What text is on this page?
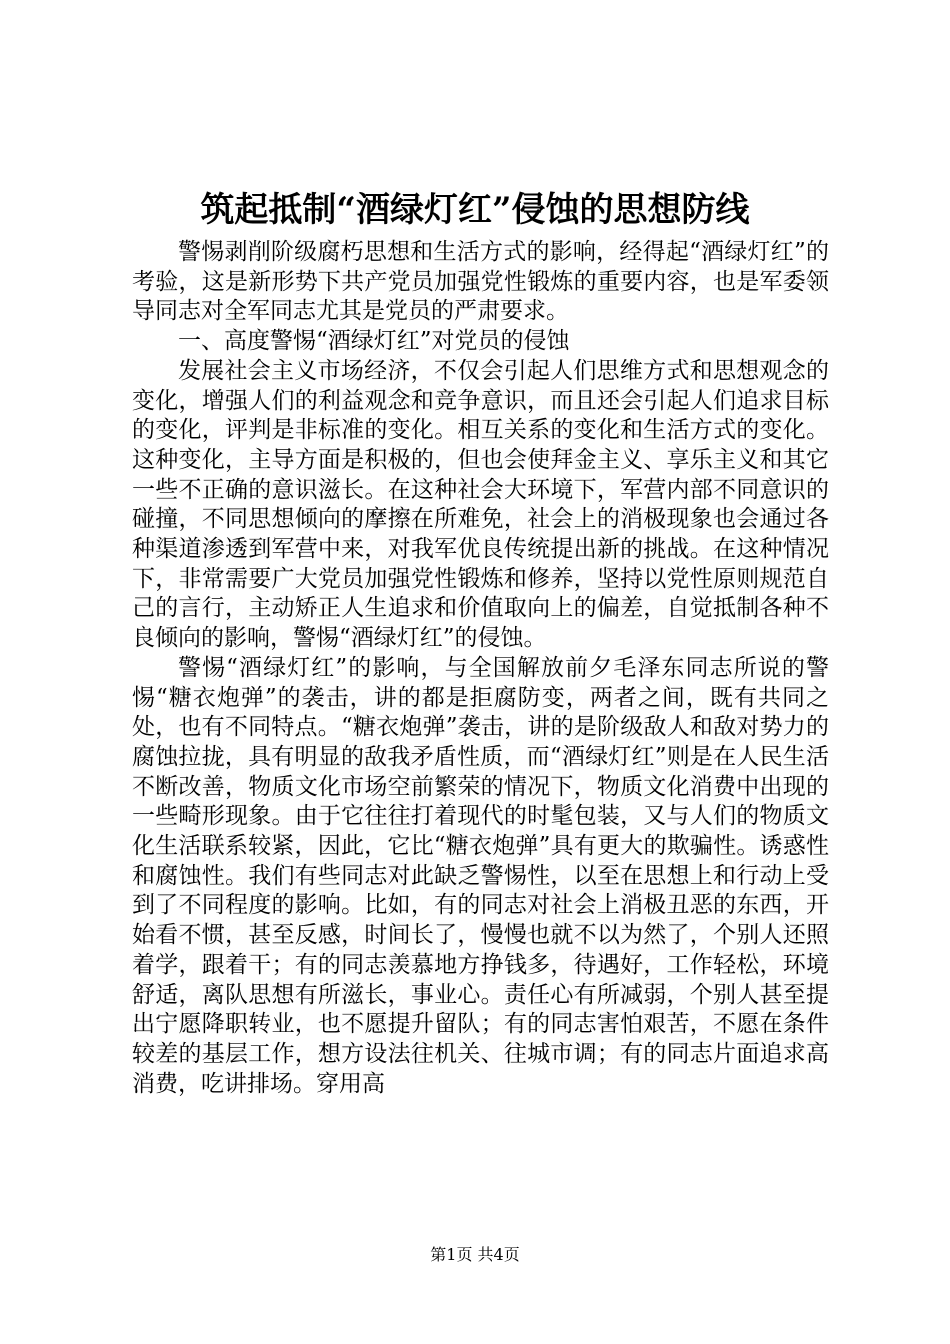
筑起抵制“酒绿灯红”侵蚀的思想防线

警惕剥削阶级腐朽思想和生活方式的影响，经得起“酒绿灯红”的考验，这是新形势下共产党员加强党性锻炼的重要内容，也是军委领导同志对全军同志尤其是党员的严肃要求。

一、高度警惕“酒绿灯红”对党员的侵蚀

发展社会主义市场经济，不仅会引起人们思维方式和思想观念的变化，增强人们的利益观念和竞争意识，而且还会引起人们追求目标的变化，评判是非标准的变化。相互关系的变化和生活方式的变化。这种变化，主导方面是积极的，但也会使拜金主义、享乐主义和其它一些不正确的意识滋长。在这种社会大环境下，军营内部不同意识的碰撞，不同思想倾向的摩擦在所难免，社会上的消极现象也会通过各种渠道渗透到军营中来，对我军优良传统提出新的挑战。在这种情况下，非常需要广大党员加强党性锻炼和修养，坚持以党性原则规范自己的言行，主动矫正人生追求和价值取向上的偏差，自觉抵制各种不良倾向的影响，警惕“酒绿灯红”的侵蚀。

警惕“酒绿灯红”的影响，与全国解放前夕毛泽东同志所说的警惕“糖衣炮弹”的袭击，讲的都是拒腐防变，两者之间，既有共同之处，也有不同特点。“糖衣炮弹”袭击，讲的是阶级敌人和敌对势力的腐蚀拉拢，具有明显的敌我矛盾性质，而“酒绿灯红”则是在人民生活不断改善，物质文化市场空前繁荣的情况下，物质文化消费中出现的一些畸形现象。由于它往往打着现代的时髦包装，又与人们的物质文化生活联系较紧，因此，它比“糖衣炮弹”具有更大的欺骗性。诱惑性和腐蚀性。我们有些同志对此缺乏警惕性，以至在思想上和行动上受到了不同程度的影响。比如，有的同志对社会上消极丑恶的东西，开始看不惯，甚至反感，时间长了，慢慢也就不以为然了，个别人还照着学，跟着干；有的同志羡慕地方挣钱多，待遇好，工作轻松，环境舒适，离队思想有所滋长，事业心。责任心有所减弱，个别人甚至提出宁愿降职转业，也不愿提升留队；有的同志害怕艰苦，不愿在条件较差的基层工作，想方设法往机关、往城市调；有的同志片面追求高消费，吃讲排场。穿用高

第1页 共4页
